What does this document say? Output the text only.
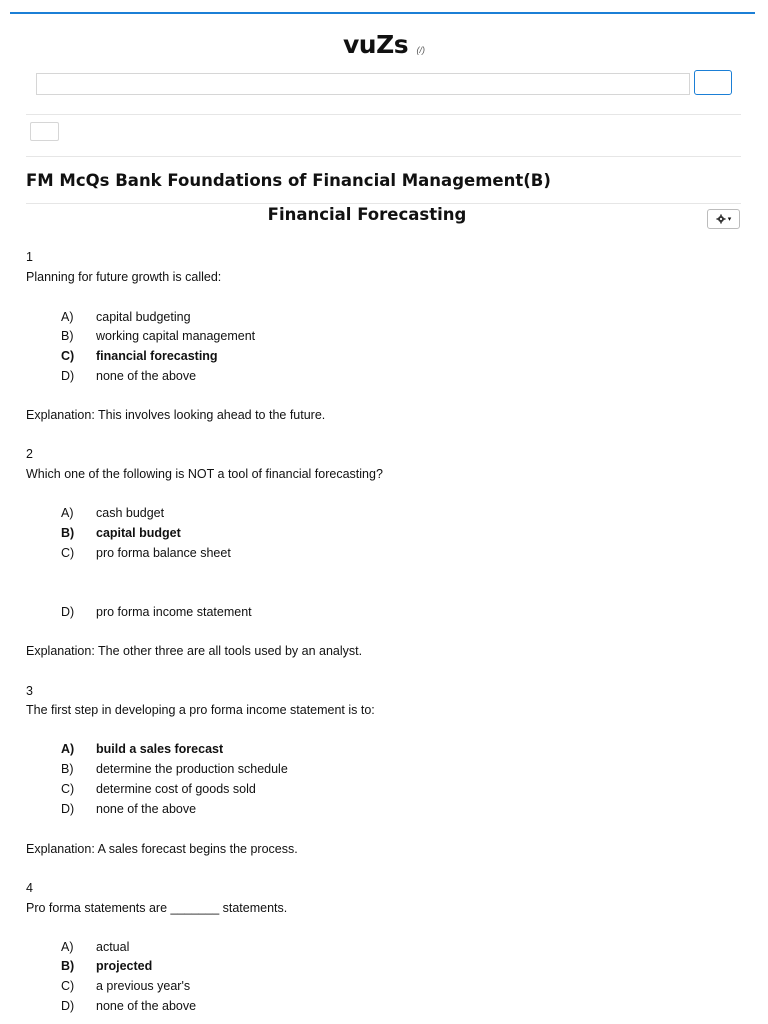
vuZs (/)
FM McQs Bank Foundations of Financial Management(B)
Financial Forecasting	▾
1
Planning for future growth is called:
A) capital budgeting
B) working capital management
C) financial forecasting
D) none of the above
Explanation: This involves looking ahead to the future.
2
Which one of the following is NOT a tool of financial forecasting?
A) cash budget
B) capital budget
C) pro forma balance sheet
D) pro forma income statement
Explanation: The other three are all tools used by an analyst.
3
The first step in developing a pro forma income statement is to:
A) build a sales forecast
B) determine the production schedule
C) determine cost of goods sold
D) none of the above
Explanation: A sales forecast begins the process.
4
Pro forma statements are _______ statements.
A) actual
B) projected
C) a previous year's
D) none of the above
